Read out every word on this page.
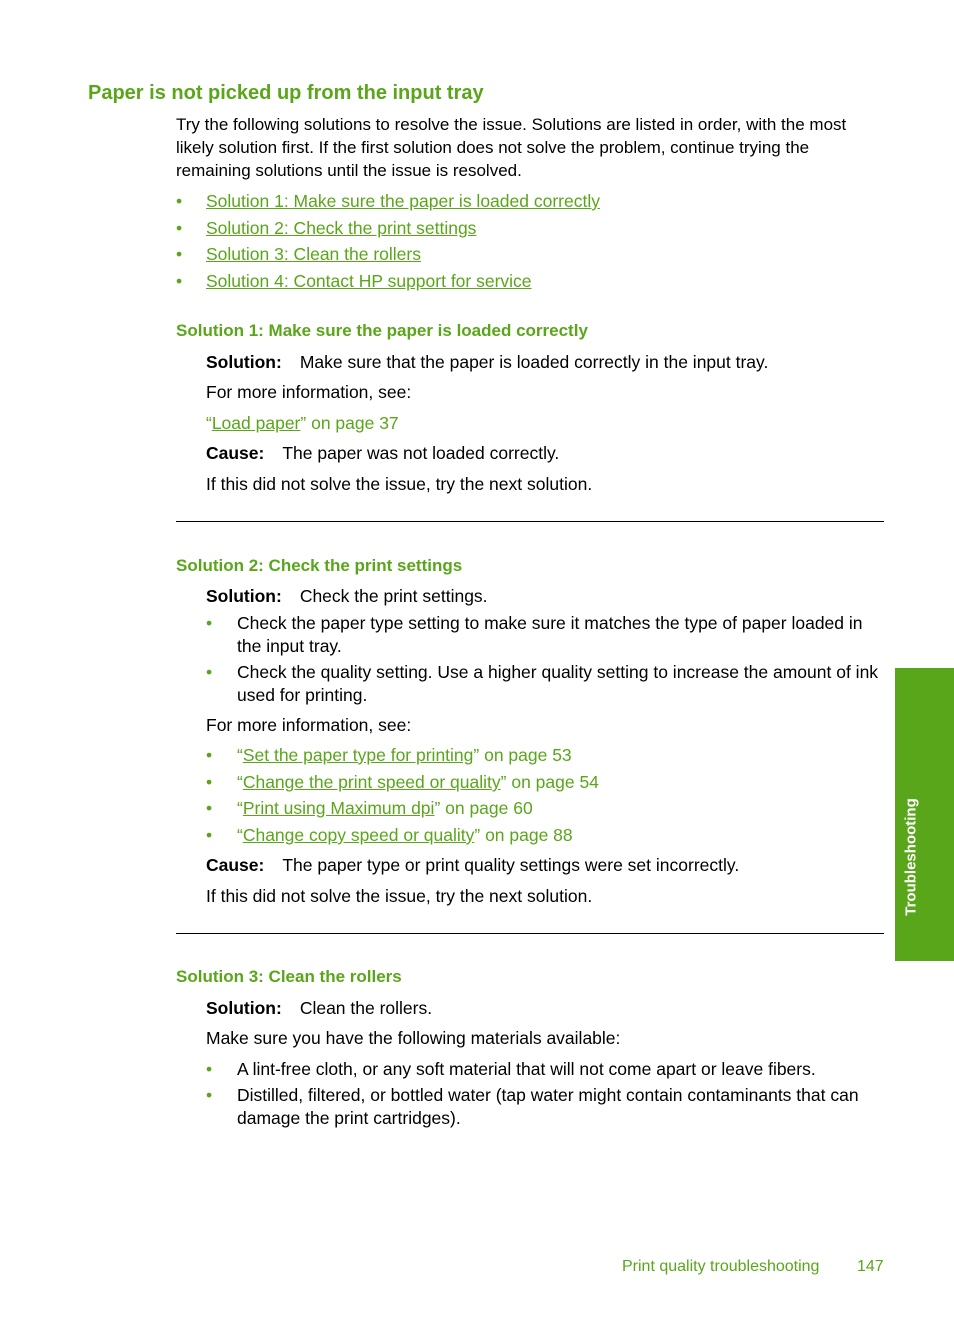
Paper is not picked up from the input tray

Try the following solutions to resolve the issue. Solutions are listed in order, with the most likely solution first. If the first solution does not solve the problem, continue trying the remaining solutions until the issue is resolved.

• Solution 1: Make sure the paper is loaded correctly
• Solution 2: Check the print settings
• Solution 3: Clean the rollers
• Solution 4: Contact HP support for service
Solution 1: Make sure the paper is loaded correctly
Solution: Make sure that the paper is loaded correctly in the input tray.
For more information, see:
“Load paper” on page 37
Cause: The paper was not loaded correctly.
If this did not solve the issue, try the next solution.
Solution 2: Check the print settings
Solution: Check the print settings.
• Check the paper type setting to make sure it matches the type of paper loaded in the input tray.
• Check the quality setting. Use a higher quality setting to increase the amount of ink used for printing.
For more information, see:
• “Set the paper type for printing” on page 53
• “Change the print speed or quality” on page 54
• “Print using Maximum dpi” on page 60
• “Change copy speed or quality” on page 88
Cause: The paper type or print quality settings were set incorrectly.
If this did not solve the issue, try the next solution.
Solution 3: Clean the rollers
Solution: Clean the rollers.
Make sure you have the following materials available:
• A lint-free cloth, or any soft material that will not come apart or leave fibers.
• Distilled, filtered, or bottled water (tap water might contain contaminants that can damage the print cartridges).
Troubleshooting
Print quality troubleshooting 147
